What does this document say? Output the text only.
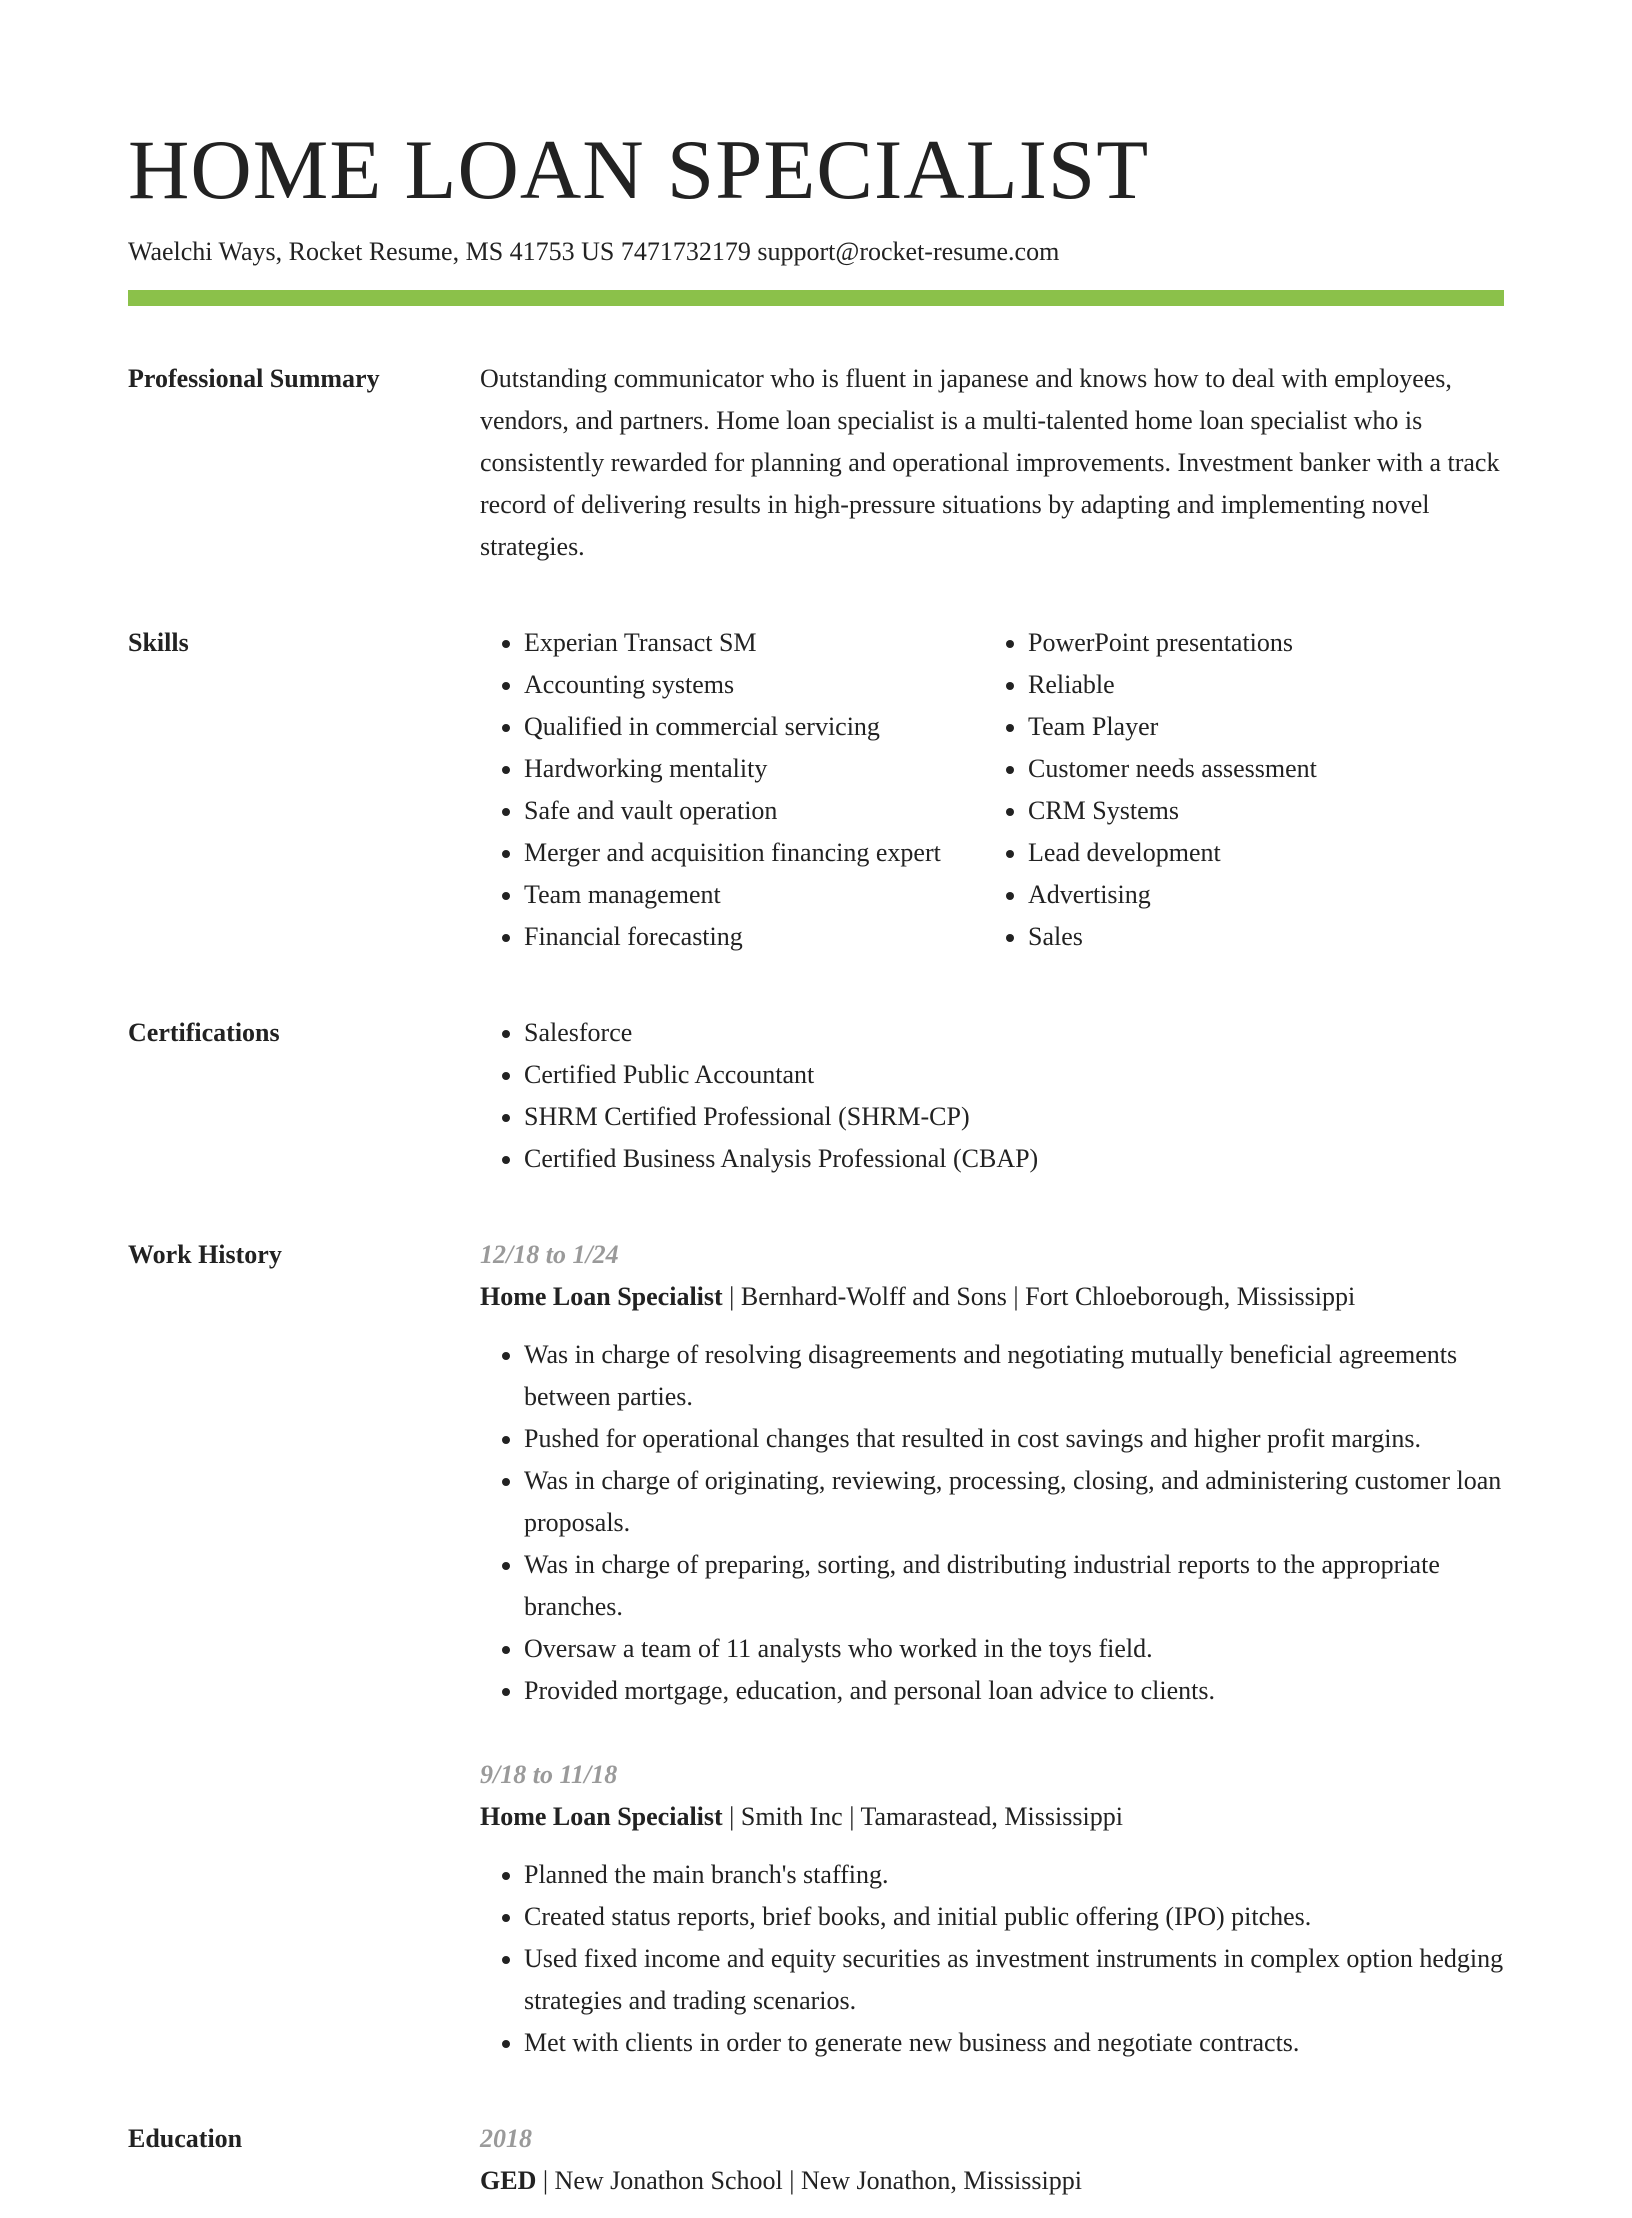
HOME LOAN SPECIALIST
Waelchi Ways, Rocket Resume, MS 41753 US 7471732179 support@rocket-resume.com
Professional Summary	Outstanding communicator who is fluent in japanese and knows how to deal with employees, vendors, and partners. Home loan specialist is a multi-talented home loan specialist who is consistently rewarded for planning and operational improvements. Investment banker with a track record of delivering results in high-pressure situations by adapting and implementing novel strategies.

Skills	• Experian Transact SM
• Accounting systems
• Qualified in commercial servicing
• Hardworking mentality
• Safe and vault operation
• Merger and acquisition financing expert
• Team management
• Financial forecasting
• PowerPoint presentations
• Reliable
• Team Player
• Customer needs assessment
• CRM Systems
• Lead development
• Advertising
• Sales
Certifications	• Salesforce
• Certified Public Accountant
• SHRM Certified Professional (SHRM-CP)
• Certified Business Analysis Professional (CBAP)
Work History	12/18 to 1/24
Home Loan Specialist | Bernhard-Wolff and Sons | Fort Chloeborough, Mississippi
• Was in charge of resolving disagreements and negotiating mutually beneficial agreements between parties.
• Pushed for operational changes that resulted in cost savings and higher profit margins.
• Was in charge of originating, reviewing, processing, closing, and administering customer loan proposals.
• Was in charge of preparing, sorting, and distributing industrial reports to the appropriate branches.
• Oversaw a team of 11 analysts who worked in the toys field.
• Provided mortgage, education, and personal loan advice to clients.
9/18 to 11/18
Home Loan Specialist | Smith Inc | Tamarastead, Mississippi
• Planned the main branch's staffing.
• Created status reports, brief books, and initial public offering (IPO) pitches.
• Used fixed income and equity securities as investment instruments in complex option hedging strategies and trading scenarios.
• Met with clients in order to generate new business and negotiate contracts.
Education	2018
GED | New Jonathon School | New Jonathon, Mississippi
